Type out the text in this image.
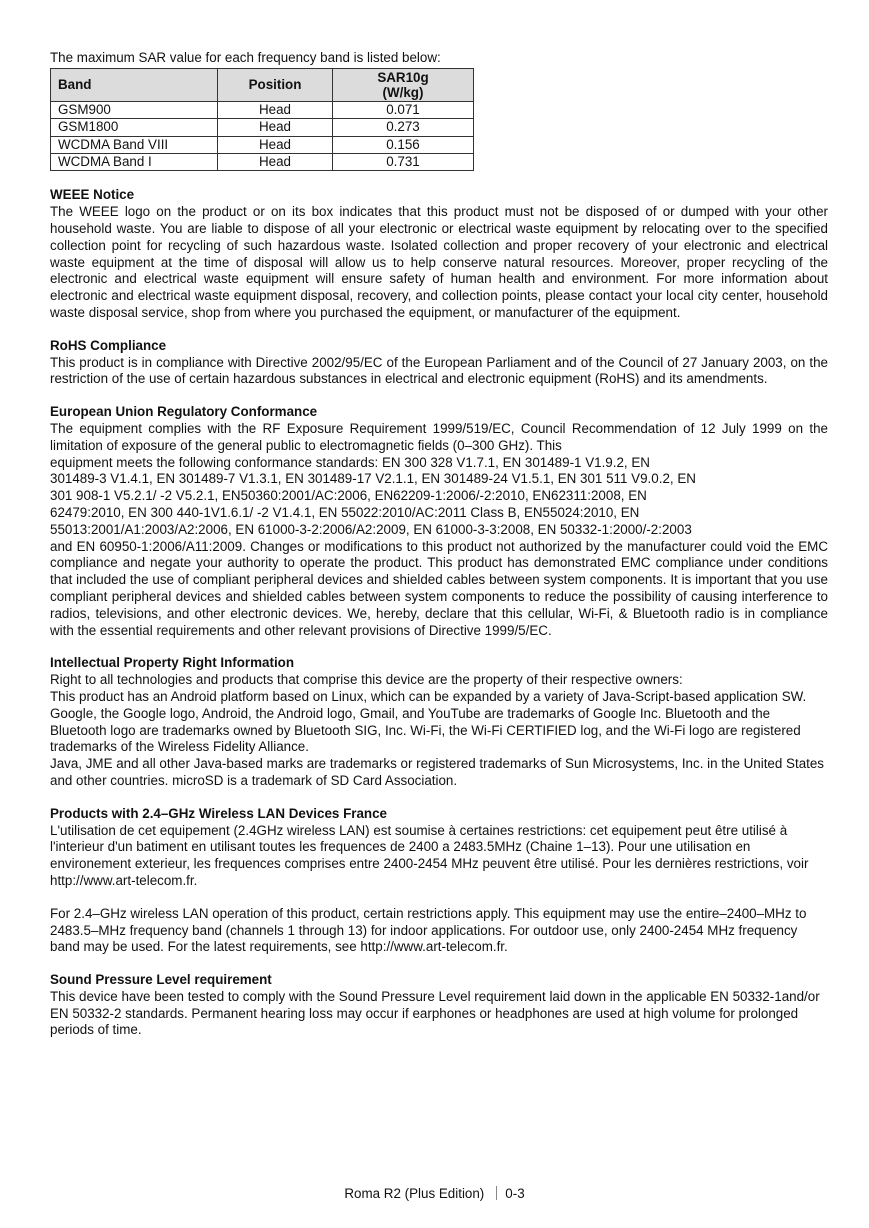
The maximum SAR value for each frequency band is listed below:

Band	Position	SAR10g
(W/kg)
GSM900	Head	0.071
GSM1800	Head	0.273
WCDMA Band VIII	Head	0.156
WCDMA Band I	Head	0.731
WEEE Notice

The WEEE logo on the product or on its box indicates that this product must not be disposed of or dumped with your other household waste. You are liable to dispose of all your electronic or electrical waste equipment by relocating over to the specified collection point for recycling of such hazardous waste. Isolated collection and proper recovery of your electronic and electrical waste equipment at the time of disposal will allow us to help conserve natural resources. Moreover, proper recycling of the electronic and electrical waste equipment will ensure safety of human health and environment. For more information about electronic and electrical waste equipment disposal, recovery, and collection points, please contact your local city center, household waste disposal service, shop from where you purchased the equipment, or manufacturer of the equipment.

RoHS Compliance

This product is in compliance with Directive 2002/95/EC of the European Parliament and of the Council of 27 January 2003, on the restriction of the use of certain hazardous substances in electrical and electronic equipment (RoHS) and its amendments.

European Union Regulatory Conformance

The equipment complies with the RF Exposure Requirement 1999/519/EC, Council Recommendation of 12 July 1999 on the limitation of exposure of the general public to electromagnetic fields (0–300 GHz). This

equipment meets the following conformance standards: EN 300 328 V1.7.1, EN 301489-1 V1.9.2, EN

301489-3 V1.4.1, EN 301489-7 V1.3.1, EN 301489-17 V2.1.1, EN 301489-24 V1.5.1, EN 301 511 V9.0.2, EN

301 908-1 V5.2.1/ -2 V5.2.1, EN50360:2001/AC:2006, EN62209-1:2006/-2:2010, EN62311:2008, EN

62479:2010, EN 300 440-1V1.6.1/ -2 V1.4.1, EN 55022:2010/AC:2011 Class B, EN55024:2010, EN

55013:2001/A1:2003/A2:2006, EN 61000-3-2:2006/A2:2009, EN 61000-3-3:2008, EN 50332-1:2000/-2:2003

and EN 60950-1:2006/A11:2009. Changes or modifications to this product not authorized by the manufacturer could void the EMC compliance and negate your authority to operate the product. This product has demonstrated EMC compliance under conditions that included the use of compliant peripheral devices and shielded cables between system components. It is important that you use compliant peripheral devices and shielded cables between system components to reduce the possibility of causing interference to radios, televisions, and other electronic devices. We, hereby, declare that this cellular, Wi-Fi, & Bluetooth radio is in compliance with the essential requirements and other relevant provisions of Directive 1999/5/EC.

Intellectual Property Right Information

Right to all technologies and products that comprise this device are the property of their respective owners:

This product has an Android platform based on Linux, which can be expanded by a variety of Java-Script-based application SW. Google, the Google logo, Android, the Android logo, Gmail, and YouTube are trademarks of Google Inc. Bluetooth and the Bluetooth logo are trademarks owned by Bluetooth SIG, Inc. Wi-Fi, the Wi-Fi CERTIFIED log, and the Wi-Fi logo are registered trademarks of the Wireless Fidelity Alliance.

Java, JME and all other Java-based marks are trademarks or registered trademarks of Sun Microsystems, Inc. in the United States and other countries. microSD is a trademark of SD Card Association.

Products with 2.4–GHz Wireless LAN Devices France

L'utilisation de cet equipement (2.4GHz wireless LAN) est soumise à certaines restrictions: cet equipement peut être utilisé à l'interieur d'un batiment en utilisant toutes les frequences de 2400 a 2483.5MHz (Chaine 1–13). Pour une utilisation en environement exterieur, les frequences comprises entre 2400-2454 MHz peuvent être utilisé. Pour les dernières restrictions, voir http://www.art-telecom.fr.

For 2.4–GHz wireless LAN operation of this product, certain restrictions apply. This equipment may use the entire–2400–MHz to 2483.5–MHz frequency band (channels 1 through 13) for indoor applications. For outdoor use, only 2400-2454 MHz frequency band may be used. For the latest requirements, see http://www.art-telecom.fr.

Sound Pressure Level requirement

This device have been tested to comply with the Sound Pressure Level requirement laid down in the applicable EN 50332-1and/or EN 50332-2 standards. Permanent hearing loss may occur if earphones or headphones are used at high volume for prolonged periods of time.

Roma R2 (Plus Edition) 0-3
